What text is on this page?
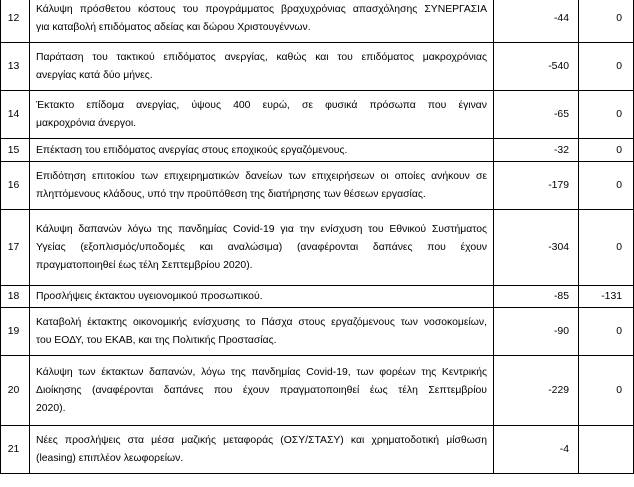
12	Κάλυψη πρόσθετου κόστους του προγράμματος βραχυχρόνιας απασχόλησης ΣΥΝΕΡΓΑΣΙΑ
για καταβολή επιδόματος αδείας και δώρου Χριστουγέννων.	-44	0
13	Παράταση του τακτικού επιδόματος ανεργίας, καθώς και του επιδόματος μακροχρόνιας
ανεργίας κατά δύο μήνες.	-540	0
14	Έκτακτο επίδομα ανεργίας, ύψους 400 ευρώ, σε φυσικά πρόσωπα που έγιναν
μακροχρόνια άνεργοι.	-65	0
15	Επέκταση του επιδόματος ανεργίας στους εποχικούς εργαζόμενους.	-32	0
16	Επιδότηση επιτοκίου των επιχειρηματικών δανείων των επιχειρήσεων οι οποίες ανήκουν σε
πληττόμενους κλάδους, υπό την προϋπόθεση της διατήρησης των θέσεων εργασίας.	-179	0
17	Κάλυψη δαπανών λόγω της πανδημίας Covid-19 για την ενίσχυση του Εθνικού Συστήματος
Υγείας (εξοπλισμός/υποδομές και αναλώσιμα) (αναφέρονται δαπάνες που έχουν
πραγματοποιηθεί έως τέλη Σεπτεμβρίου 2020).	-304	0
18	Προσλήψεις έκτακτου υγειονομικού προσωπικού.	-85	-131
19	Καταβολή έκτακτης οικονομικής ενίσχυσης το Πάσχα στους εργαζόμενους των νοσοκομείων,
του ΕΟΔΥ, του ΕΚΑΒ, και της Πολιτικής Προστασίας.	-90	0
20	Κάλυψη των έκτακτων δαπανών, λόγω της πανδημίας Covid-19, των φορέων της Κεντρικής
Διοίκησης (αναφέρονται δαπάνες που έχουν πραγματοποιηθεί έως τέλη Σεπτεμβρίου
2020).	-229	0
21	Νέες προσλήψεις στα μέσα μαζικής μεταφοράς (ΟΣΥ/ΣΤΑΣΥ) και χρηματοδοτική μίσθωση
(leasing) επιπλέον λεωφορείων.	-4	
